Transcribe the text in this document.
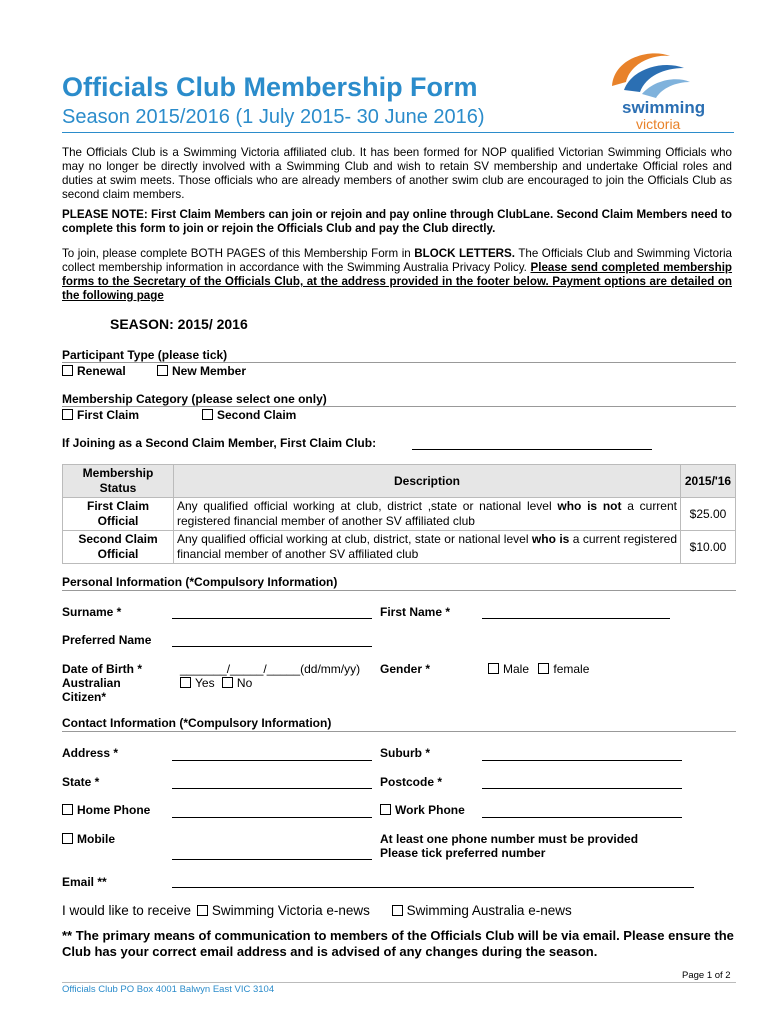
Officials Club Membership Form
Season 2015/2016 (1 July 2015- 30 June 2016)	swimming
victoria
The Officials Club is a Swimming Victoria affiliated club. It has been formed for NOP qualified Victorian Swimming Officials who may no longer be directly involved with a Swimming Club and wish to retain SV membership and undertake Official roles and duties at swim meets. Those officials who are already members of another swim club are encouraged to join the Officials Club as second claim members.
PLEASE NOTE: First Claim Members can join or rejoin and pay online through ClubLane. Second Claim Members need to complete this form to join or rejoin the Officials Club and pay the Club directly.
To join, please complete BOTH PAGES of this Membership Form in BLOCK LETTERS. The Officials Club and Swimming Victoria collect membership information in accordance with the Swimming Australia Privacy Policy. Please send completed membership forms to the Secretary of the Officials Club, at the address provided in the footer below. Payment options are detailed on the following page
SEASON: 2015/ 2016
Participant Type (please tick)
Renewal	New Member
Membership Category (please select one only)
First Claim	Second Claim
If Joining as a Second Claim Member, First Claim Club:
Membership Status	Description	2015/'16
First Claim Official	Any qualified official working at club, district ,state or national level who is not a current registered financial member of another SV affiliated club	$25.00
Second Claim Official	Any qualified official working at club, district, state or national level who is a current registered financial member of another SV affiliated club	$10.00
Personal Information (*Compulsory Information)
Surname *	First Name *
Preferred Name
Date of Birth *	_______/_____/_____(dd/mm/yy) Gender *	Male female
Australian
Citizen*
Yes No
Contact Information (*Compulsory Information)
Address *	Suburb *
State *	Postcode *
Home Phone	Work Phone
Mobile	At least one phone number must be provided
Please tick preferred number
Email **
I would like to receive Swimming Victoria e-news	Swimming Australia e-news
** The primary means of communication to members of the Officials Club will be via email. Please ensure the Club has your correct email address and is advised of any changes during the season.
Page 1 of 2
Officials Club PO Box 4001 Balwyn East VIC 3104
